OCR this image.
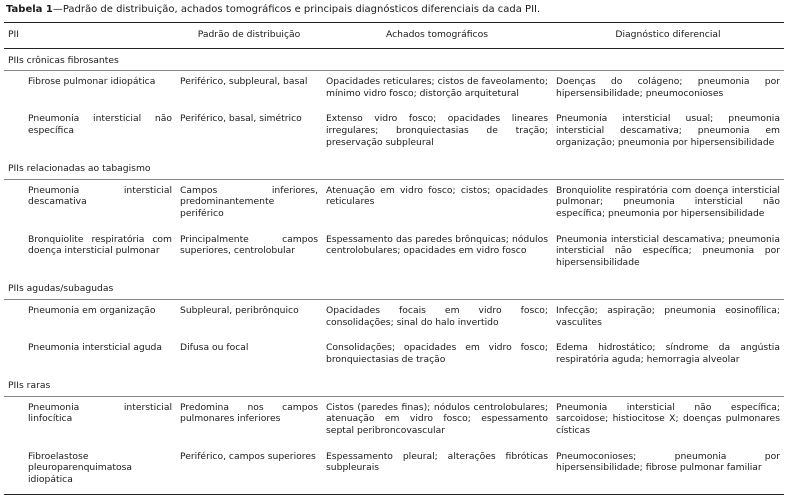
Tabela 1—Padrão de distribuição, achados tomográficos e principais diagnósticos diferenciais da cada PII.
PII	Padrão de distribuição	Achados tomográficos	Diagnóstico diferencial
PIIs crônicas fibrosantes			
Fibrose pulmonar idiopática	Periférico, subpleural, basal	Opacidades reticulares; cistos de faveolamento; mínimo vidro fosco; distorção arquitetural	Doenças do colágeno; pneumonia por hipersensibilidade; pneumoconioses
Pneumonia intersticial não específica	Periférico, basal, simétrico	Extenso vidro fosco; opacidades lineares irregulares; bronquiectasias de tração; preservação subpleural	Pneumonia intersticial usual; pneumonia intersticial descamativa; pneumonia em organização; pneumonia por hipersensibilidade
PIIs relacionadas ao tabagismo			
Pneumonia intersticial descamativa	Campos inferiores, predominantemente periférico	Atenuação em vidro fosco; cistos; opacidades reticulares	Bronquiolite respiratória com doença intersticial pulmonar; pneumonia intersticial não específica; pneumonia por hipersensibilidade
Bronquiolite respiratória com doença intersticial pulmonar	Principalmente campos superiores, centrolobular	Espessamento das paredes brônquicas; nódulos centrolobulares; opacidades em vidro fosco	Pneumonia intersticial descamativa; pneumonia intersticial não específica; pneumonia por hipersensibilidade
PIIs agudas/subagudas			
Pneumonia em organização	Subpleural, peribrônquico	Opacidades focais em vidro fosco; consolidações; sinal do halo invertido	Infecção; aspiração; pneumonia eosinofílica; vasculites
Pneumonia intersticial aguda	Difusa ou focal	Consolidações; opacidades em vidro fosco; bronquiectasias de tração	Edema hidrostático; síndrome da angústia respiratória aguda; hemorragia alveolar
PIIs raras			
Pneumonia intersticial linfocítica	Predomina nos campos pulmonares inferiores	Cistos (paredes finas); nódulos centrolobulares; atenuação em vidro fosco; espessamento septal peribroncovascular	Pneumonia intersticial não específica; sarcoidose; histiocitose X; doenças pulmonares císticas
Fibroelastose pleuroparenquimatosa idiopática	Periférico, campos superiores	Espessamento pleural; alterações fibróticas subpleurais	Pneumoconioses; pneumonia por hipersensibilidade; fibrose pulmonar familiar
